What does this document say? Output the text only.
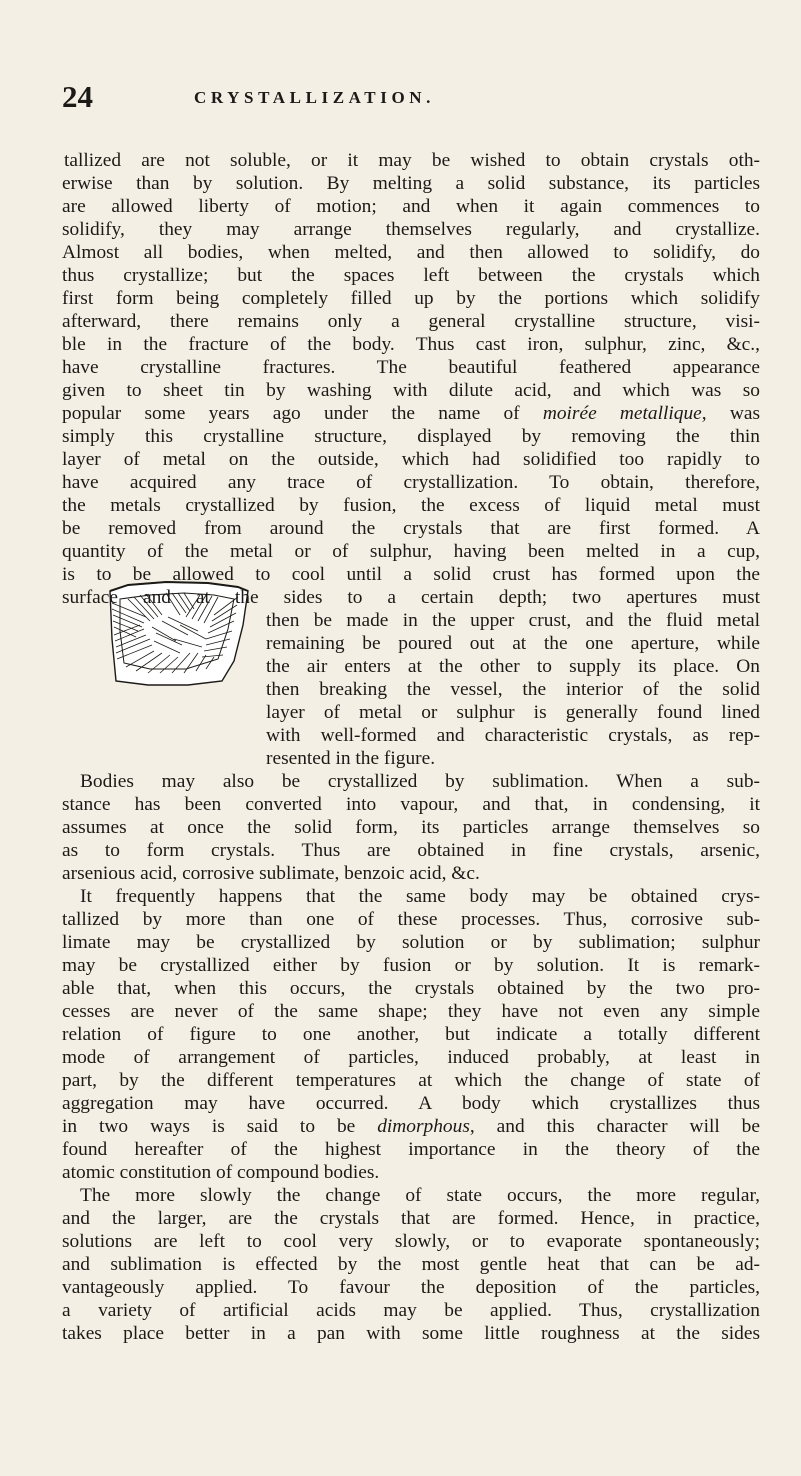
24	CRYSTALLIZATION.
tallized are not soluble, or it may be wished to obtain crystals oth-
erwise than by solution. By melting a solid substance, its particles
are allowed liberty of motion; and when it again commences to
solidify, they may arrange themselves regularly, and crystallize.
Almost all bodies, when melted, and then allowed to solidify, do
thus crystallize; but the spaces left between the crystals which
first form being completely filled up by the portions which solidify
afterward, there remains only a general crystalline structure, visi-
ble in the fracture of the body. Thus cast iron, sulphur, zinc, &c.,
have crystalline fractures. The beautiful feathered appearance
given to sheet tin by washing with dilute acid, and which was so
popular some years ago under the name of moirée metallique, was
simply this crystalline structure, displayed by removing the thin
layer of metal on the outside, which had solidified too rapidly to
have acquired any trace of crystallization. To obtain, therefore,
the metals crystallized by fusion, the excess of liquid metal must
be removed from around the crystals that are first formed. A
quantity of the metal or of sulphur, having been melted in a cup,
is to be allowed to cool until a solid crust has formed upon the
surface and at the sides to a certain depth; two apertures must
then be made in the upper crust, and the fluid metal
remaining be poured out at the one aperture, while
the air enters at the other to supply its place. On
then breaking the vessel, the interior of the solid
layer of metal or sulphur is generally found lined
with well-formed and characteristic crystals, as rep-
resented in the figure.
Bodies may also be crystallized by sublimation. When a sub-
stance has been converted into vapour, and that, in condensing, it
assumes at once the solid form, its particles arrange themselves so
as to form crystals. Thus are obtained in fine crystals, arsenic,
arsenious acid, corrosive sublimate, benzoic acid, &c.
It frequently happens that the same body may be obtained crys-
tallized by more than one of these processes. Thus, corrosive sub-
limate may be crystallized by solution or by sublimation; sulphur
may be crystallized either by fusion or by solution. It is remark-
able that, when this occurs, the crystals obtained by the two pro-
cesses are never of the same shape; they have not even any simple
relation of figure to one another, but indicate a totally different
mode of arrangement of particles, induced probably, at least in
part, by the different temperatures at which the change of state of
aggregation may have occurred. A body which crystallizes thus
in two ways is said to be dimorphous, and this character will be
found hereafter of the highest importance in the theory of the
atomic constitution of compound bodies.
The more slowly the change of state occurs, the more regular,
and the larger, are the crystals that are formed. Hence, in practice,
solutions are left to cool very slowly, or to evaporate spontaneously;
and sublimation is effected by the most gentle heat that can be ad-
vantageously applied. To favour the deposition of the particles,
a variety of artificial acids may be applied. Thus, crystallization
takes place better in a pan with some little roughness at the sides
